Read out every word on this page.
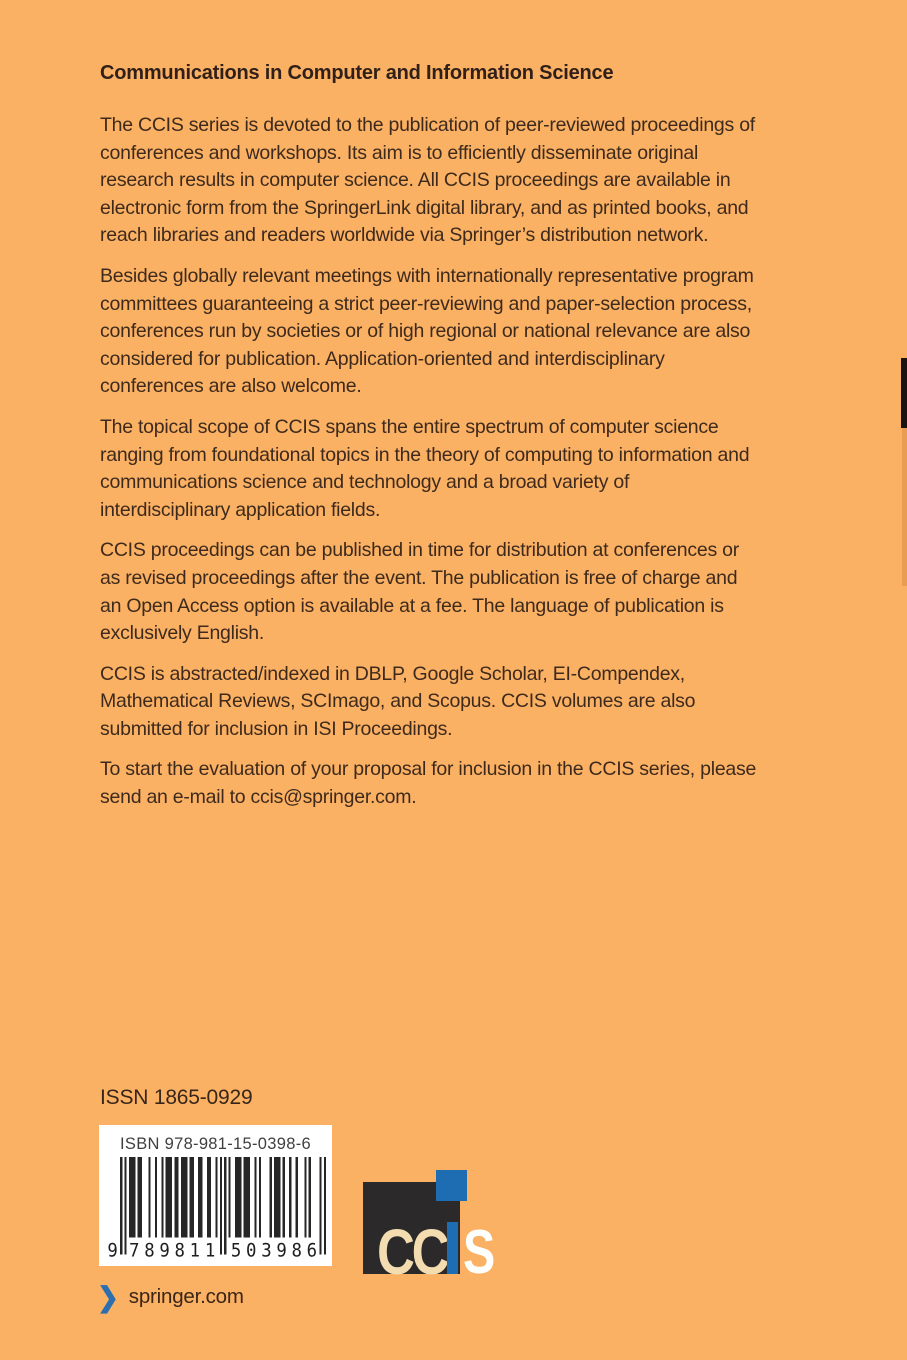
Communications in Computer and Information Science

The CCIS series is devoted to the publication of peer-reviewed proceedings of conferences and workshops. Its aim is to efficiently disseminate original research results in computer science. All CCIS proceedings are available in electronic form from the SpringerLink digital library, and as printed books, and reach libraries and readers worldwide via Springer’s distribution network.

Besides globally relevant meetings with internationally representative program committees guaranteeing a strict peer-reviewing and paper-selection process, conferences run by societies or of high regional or national relevance are also considered for publication. Application-oriented and interdisciplinary conferences are also welcome.

The topical scope of CCIS spans the entire spectrum of computer science ranging from foundational topics in the theory of computing to information and communications science and technology and a broad variety of interdisciplinary application fields.

CCIS proceedings can be published in time for distribution at conferences or as revised proceedings after the event. The publication is free of charge and an Open Access option is available at a fee. The language of publication is exclusively English.

CCIS is abstracted/indexed in DBLP, Google Scholar, EI-Compendex, Mathematical Reviews, SCImago, and Scopus. CCIS volumes are also submitted for inclusion in ISI Proceedings.

To start the evaluation of your proposal for inclusion in the CCIS series, please send an e-mail to ccis@springer.com.

ISSN 1865-0929
ISBN 978-981-15-0398-6
9 7 8 9 8 1 1 5 0 3 9 8 6 CC S
❯ springer.com
